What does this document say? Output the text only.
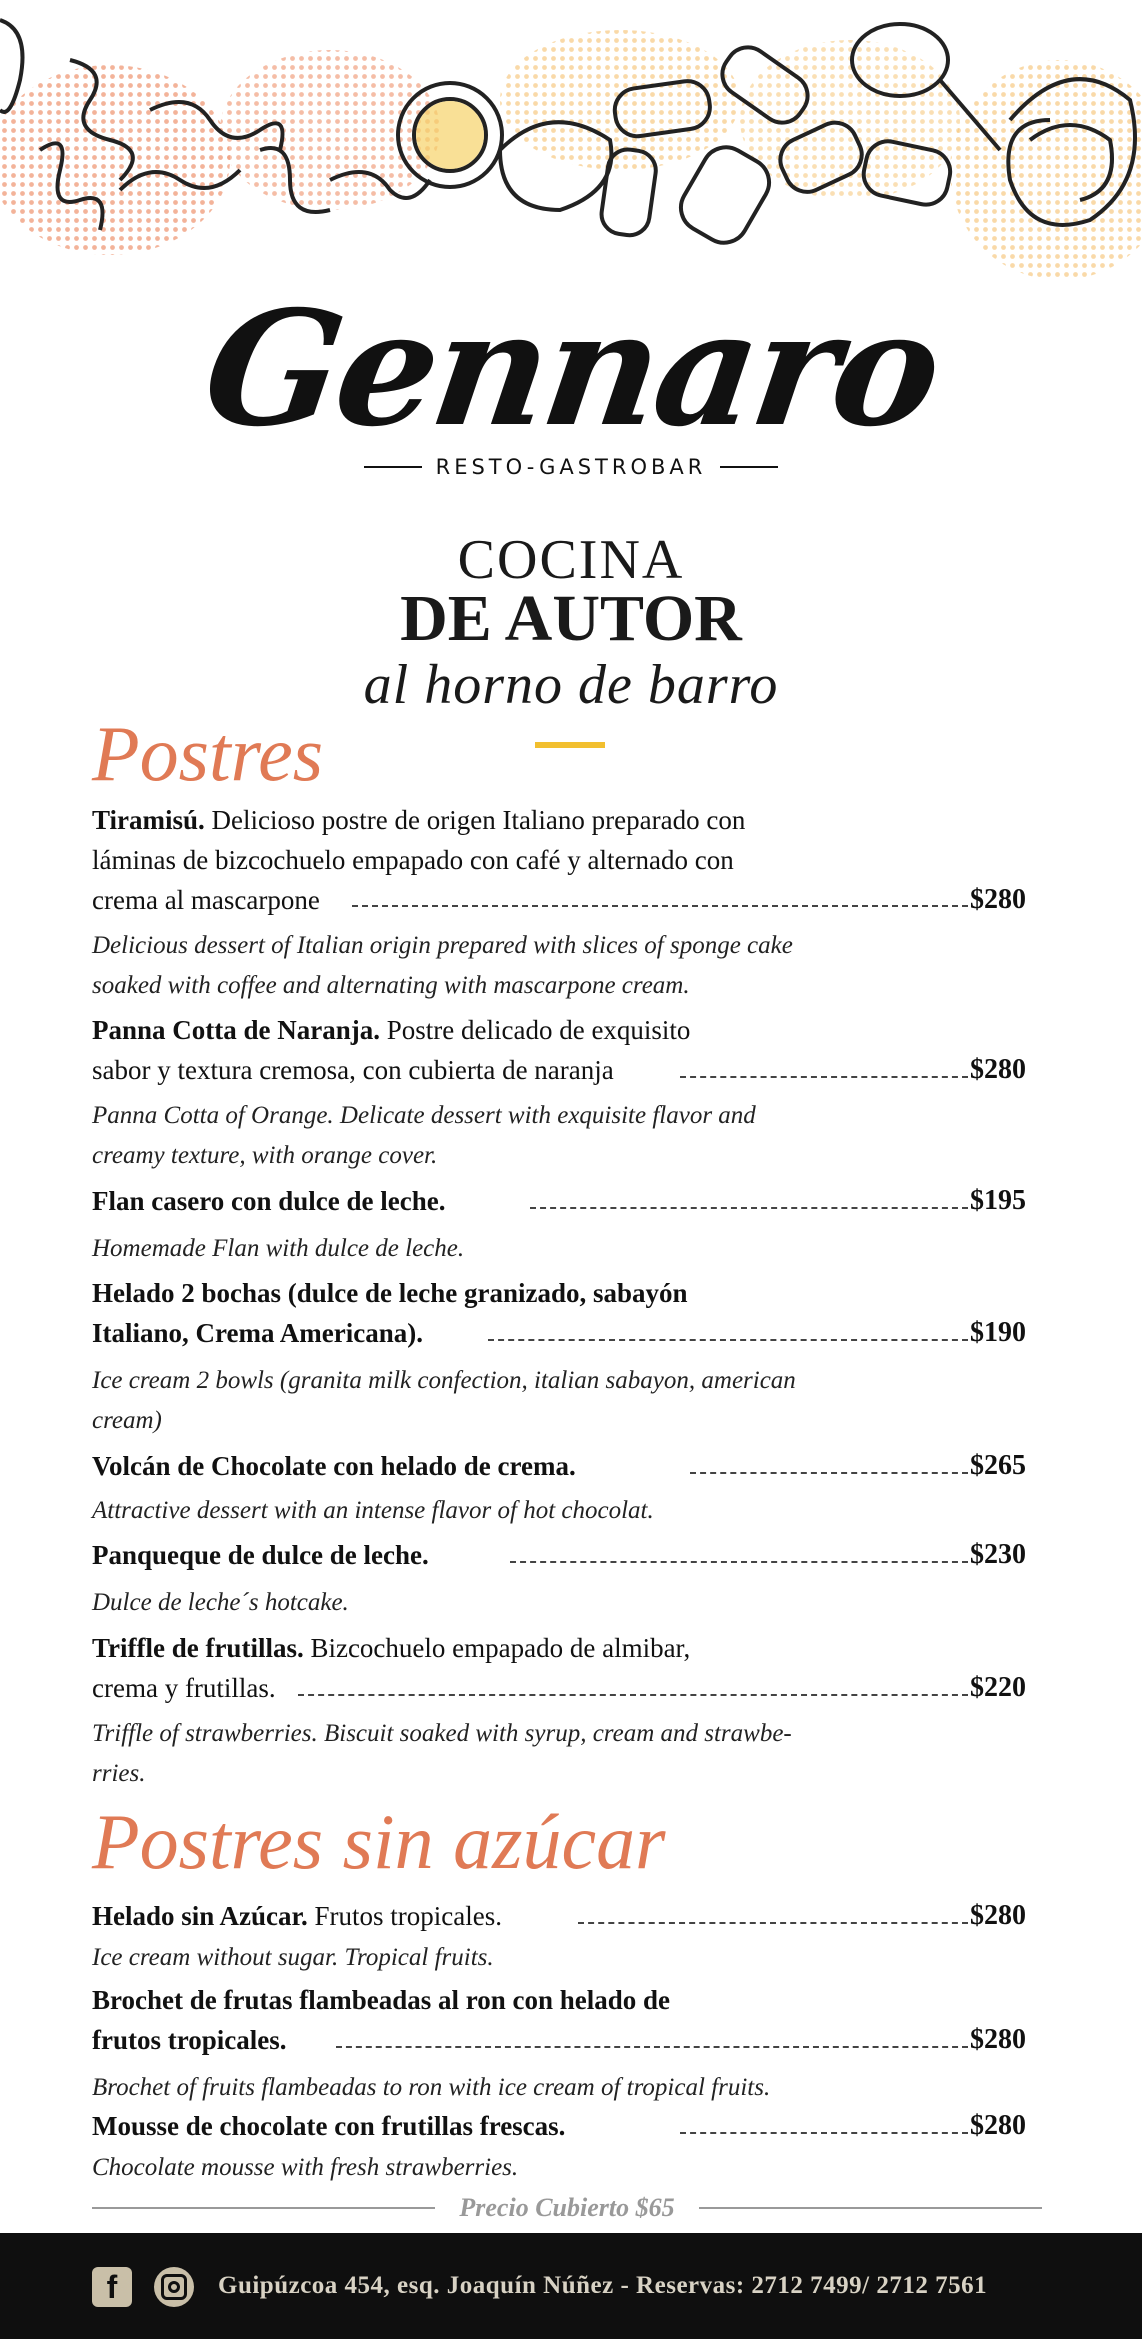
Gennaro
RESTO-GASTROBAR
COCINA
DE AUTOR
al horno de barro
Postres
Tiramisú. Delicioso postre de origen Italiano preparado con
láminas de bizcochuelo empapado con café y alternado con
crema al mascarpone	$280
Delicious dessert of Italian origin prepared with slices of sponge cake
soaked with coffee and alternating with mascarpone cream.
Panna Cotta de Naranja. Postre delicado de exquisito
sabor y textura cremosa, con cubierta de naranja	$280
Panna Cotta of Orange. Delicate dessert with exquisite flavor and
creamy texture, with orange cover.
Flan casero con dulce de leche.	$195
Homemade Flan with dulce de leche.
Helado 2 bochas (dulce de leche granizado, sabayón
Italiano, Crema Americana).	$190
Ice cream 2 bowls (granita milk confection, italian sabayon, american
cream)
Volcán de Chocolate con helado de crema.	$265
Attractive dessert with an intense flavor of hot chocolat.
Panqueque de dulce de leche.	$230
Dulce de leche´s hotcake.
Triffle de frutillas. Bizcochuelo empapado de almibar,
crema y frutillas.	$220
Triffle of strawberries. Biscuit soaked with syrup, cream and strawbe-
rries.
Postres sin azúcar
Helado sin Azúcar. Frutos tropicales.	$280
Ice cream without sugar. Tropical fruits.
Brochet de frutas flambeadas al ron con helado de
frutos tropicales.	$280
Brochet of fruits flambeadas to ron with ice cream of tropical fruits.
Mousse de chocolate con frutillas frescas.	$280
Chocolate mousse with fresh strawberries.
Precio Cubierto $65
f	Guipúzcoa 454, esq. Joaquín Núñez - Reservas: 2712 7499/ 2712 7561
